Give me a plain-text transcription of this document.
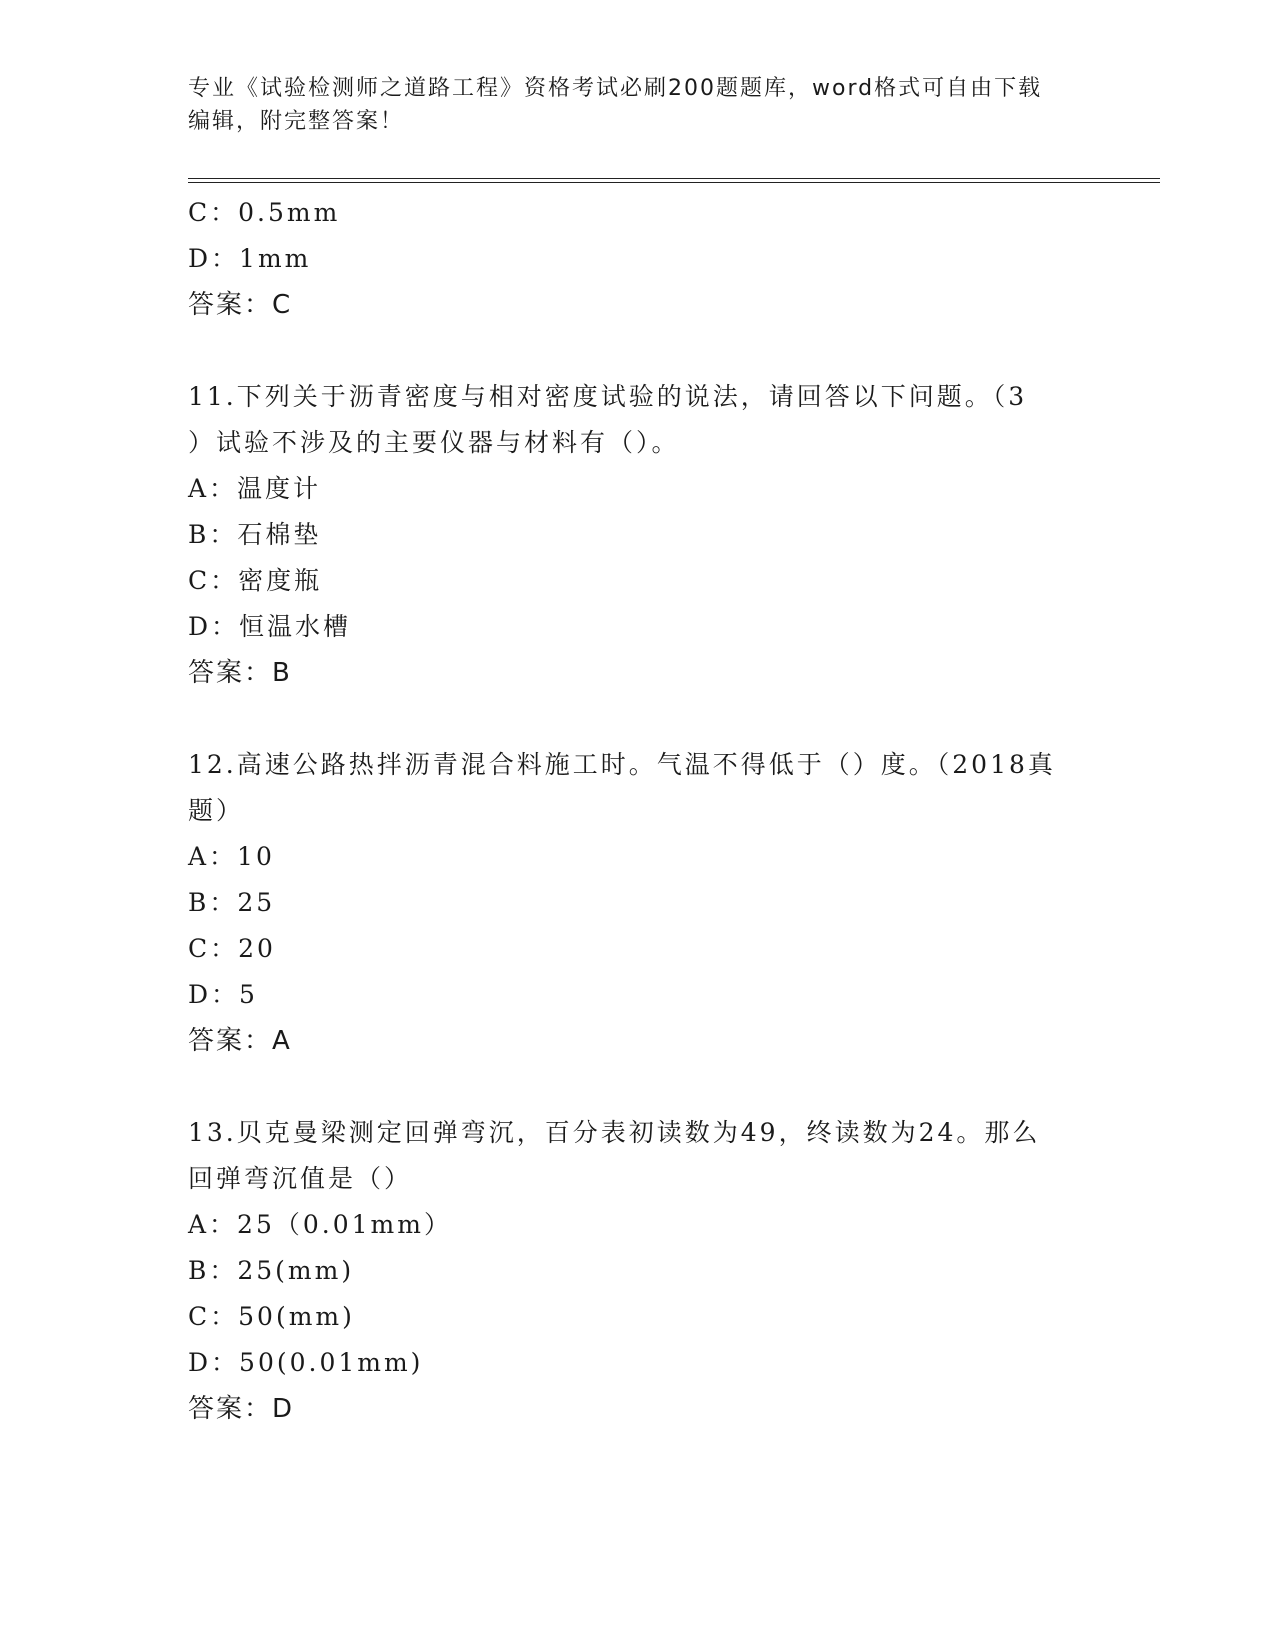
专业《试验检测师之道路工程》资格考试必刷200题题库，word格式可自由下载
编辑，附完整答案！
C：0.5mm
D：1mm
答案：C
11.下列关于沥青密度与相对密度试验的说法，请回答以下问题。（3
）试验不涉及的主要仪器与材料有（）。
A：温度计
B：石棉垫
C：密度瓶
D：恒温水槽
答案：B
12.高速公路热拌沥青混合料施工时。气温不得低于（）度。（2018真
题）
A：10
B：25
C：20
D：5
答案：A
13.贝克曼梁测定回弹弯沉，百分表初读数为49，终读数为24。那么
回弹弯沉值是（）
A：25（0.01mm）
B：25(mm)
C：50(mm)
D：50(0.01mm)
答案：D
